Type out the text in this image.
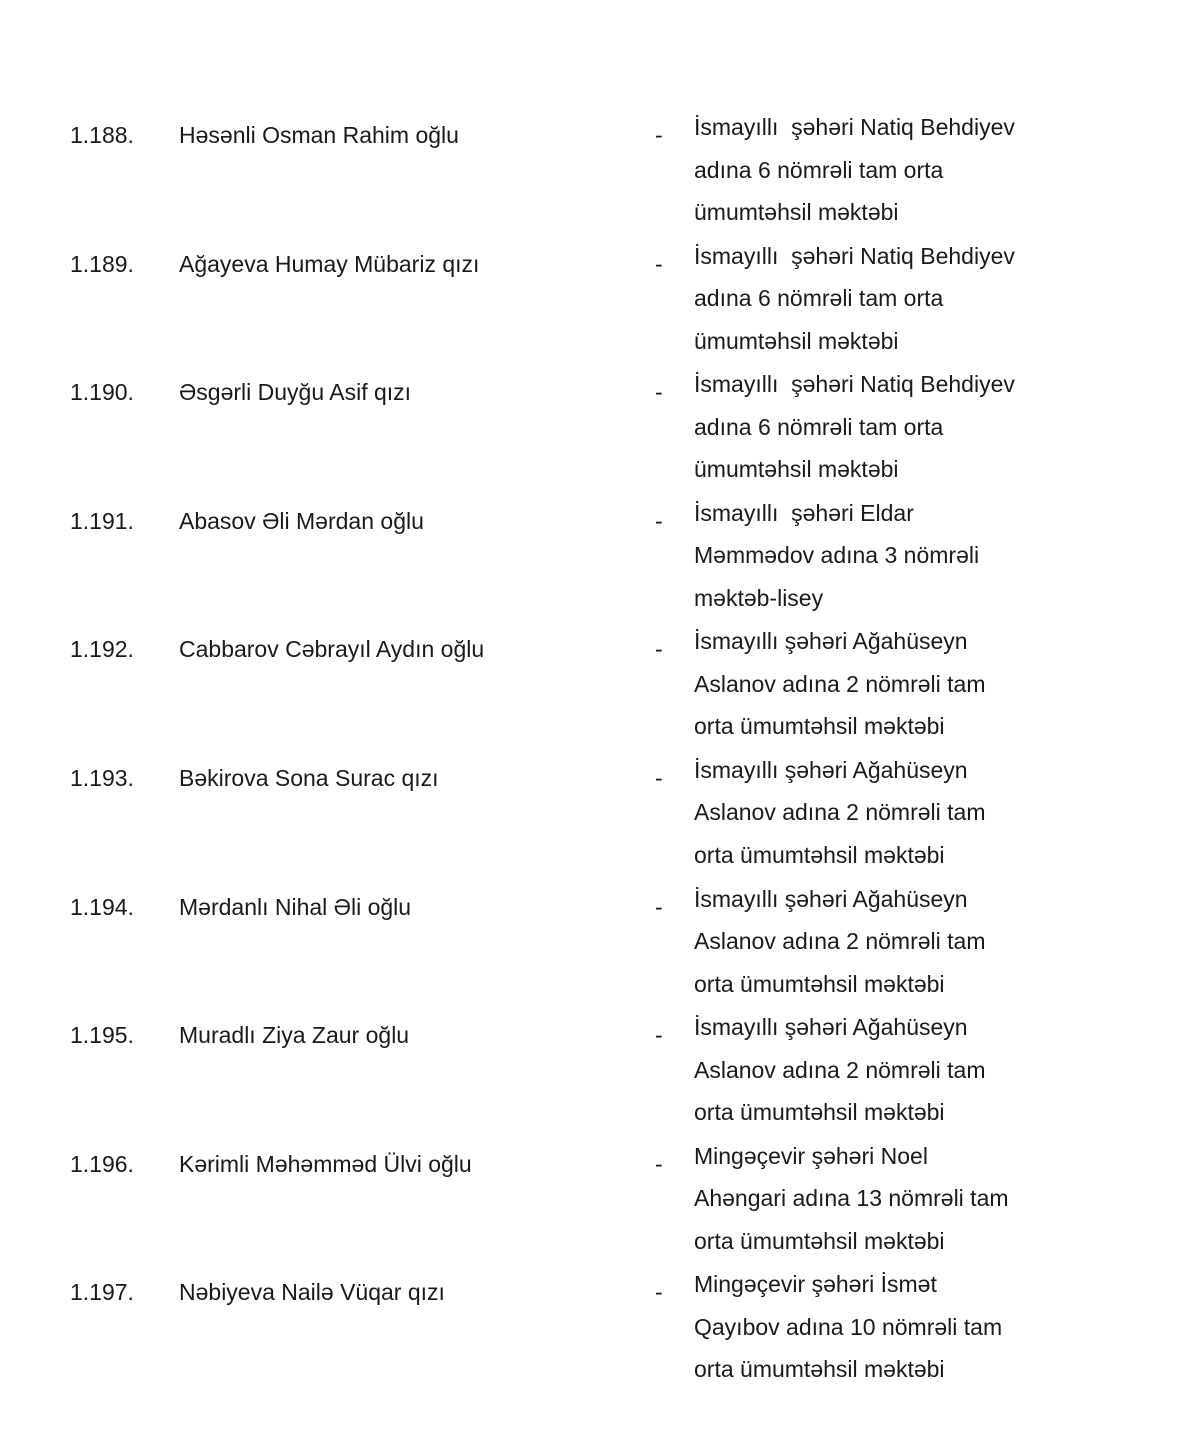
1.188. Həsənli Osman Rahim oğlu	- İsmayıllı  şəhəri Natiq Behdiyev
adına 6 nömrəli tam orta
ümumtəhsil məktəbi
1.189. Ağayeva Humay Mübariz qızı	- İsmayıllı  şəhəri Natiq Behdiyev
adına 6 nömrəli tam orta
ümumtəhsil məktəbi
1.190. Əsgərli Duyğu Asif qızı	- İsmayıllı  şəhəri Natiq Behdiyev
adına 6 nömrəli tam orta
ümumtəhsil məktəbi
1.191. Abasov Əli Mərdan oğlu	- İsmayıllı  şəhəri Eldar
Məmmədov adına 3 nömrəli
məktəb-lisey
1.192. Cabbarov Cəbrayıl Aydın oğlu	- İsmayıllı şəhəri Ağahüseyn
Aslanov adına 2 nömrəli tam
orta ümumtəhsil məktəbi
1.193. Bəkirova Sona Surac qızı	- İsmayıllı şəhəri Ağahüseyn
Aslanov adına 2 nömrəli tam
orta ümumtəhsil məktəbi
1.194. Mərdanlı Nihal Əli oğlu	- İsmayıllı şəhəri Ağahüseyn
Aslanov adına 2 nömrəli tam
orta ümumtəhsil məktəbi
1.195. Muradlı Ziya Zaur oğlu	- İsmayıllı şəhəri Ağahüseyn
Aslanov adına 2 nömrəli tam
orta ümumtəhsil məktəbi
1.196. Kərimli Məhəmməd Ülvi oğlu	- Mingəçevir şəhəri Noel
Ahəngari adına 13 nömrəli tam
orta ümumtəhsil məktəbi
1.197. Nəbiyeva Nailə Vüqar qızı	- Mingəçevir şəhəri İsmət
Qayıbov adına 10 nömrəli tam
orta ümumtəhsil məktəbi
